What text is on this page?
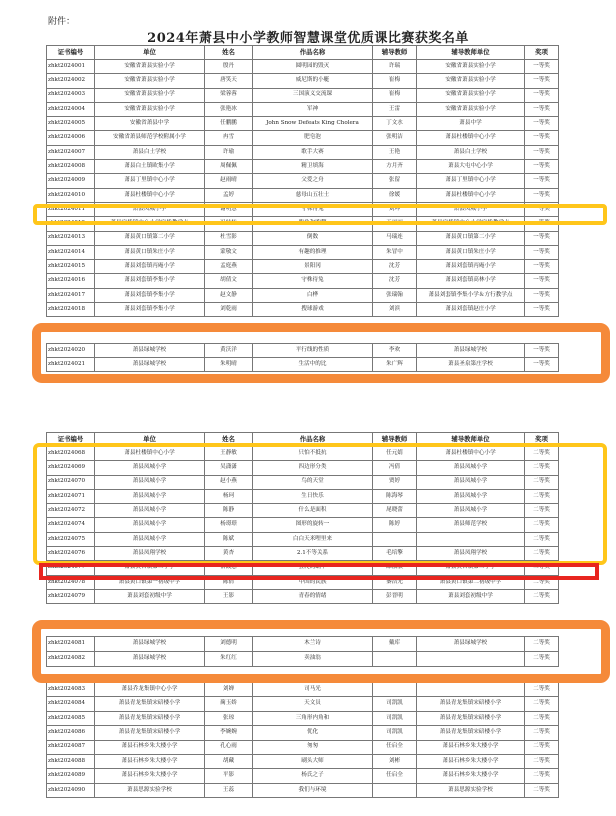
附件：
2024年萧县中小学教师智慧课堂优质课比赛获奖名单
证书编号	单位	姓名	作品名称	辅导教师	辅导教师单位	奖项
zhkt2024001	安徽省萧县实验小学	殷丹	圆明园的毁灭	许瑞	安徽省萧县实验小学	一等奖
zhkt2024002	安徽省萧县实验小学	唐笑天	威尼斯的小艇	崔梅	安徽省萧县实验小学	一等奖
zhkt2024003	安徽省萧县实验小学	梁蓉蓉	三国演义交流课	崔梅	安徽省萧县实验小学	一等奖
zhkt2024004	安徽省萧县实验小学	张艳冰	军神	王雷	安徽省萧县实验小学	一等奖
zhkt2024005	安徽省萧县中学	任鹏鹏	John Snow Defeats King Cholera	丁文水	萧县中学	一等奖
zhkt2024006	安徽省萧县师范学校附属小学	冉雪	肥皂泡	张明洁	萧县杜楼镇中心小学	一等奖
zhkt2024007	萧县白土学校	许瑜	歌手大赛	王艳	萧县白土学校	一等奖
zhkt2024008	萧县白土镇欧集小学	周佩佩	精卫填海	方月齐	萧县大屯中心小学	一等奖
zhkt2024009	萧县丁里镇中心小学	赵雨晴	父爱之舟	张留	萧县丁里镇中心小学	一等奖
zhkt2024010	萧县杜楼镇中心小学	孟婷	慈母山五壮士	徐媛	萧县杜楼镇中心小学	一等奖
zhkt2024011	萧县凤城小学	谢明慧	守株待兔	刘坤	萧县凤城小学	一等奖
zhkt2024012	萧县官桥镇中心小学官桥教学点	冯转转	跑角和跑翻	王丽丽	萧县官桥镇中心小学官桥教学点	一等奖
zhkt2024013	萧县黄口镇第二小学	杜雪影	倒数	马瑞连	萧县黄口镇第二小学	一等奖
zhkt2024014	萧县黄口镇朱庄小学	蒙敬文	有趣的推理	朱冒中	萧县黄口镇朱庄小学	一等奖
zhkt2024015	萧县刘套镇丙庵小学	孟庭燕	景阳冈	沈芳	萧县刘套镇丙庵小学	一等奖
zhkt2024016	萧县刘套镇李集小学	胡倩文	守株待兔	沈芳	萧县刘套镇高林小学	一等奖
zhkt2024017	萧县刘套镇李集小学	赵文静	白桦	张瑞翰	萧县刘套镇李集小学＆方行教学点	一等奖
zhkt2024018	萧县刘套镇李集小学	刘乾雨	搜球游戏	刘滨	萧县刘套镇赵庄小学	一等奖
zhkt2024020	萧县绿城学校	黄沃洋	平行线的性质	李欢	萧县绿城学校	一等奖
zhkt2024021	萧县绿城学校	朱明晴	生活中的比	朱广辉	萧县圣泉第庄学校	一等奖
证书编号	单位	姓名	作品名称	辅导教师	辅导教师单位	奖项
zhkt2024068	萧县杜楼镇中心小学	王静敏	只怕不抵抗	任元婧	萧县杜楼镇中心小学	二等奖
zhkt2024069	萧县凤城小学	吴潇潇	四边形分类	冯倩	萧县凤城小学	二等奖
zhkt2024070	萧县凤城小学	赵小燕	鸟的天堂	贾婷	萧县凤城小学	二等奖
zhkt2024071	萧县凤城小学	杨珂	生日快乐	陈海琴	萧县凤城小学	二等奖
zhkt2024072	萧县凤城小学	陈静	什么是面积	尾晓蕾	萧县凤城小学	二等奖
zhkt2024074	萧县凤城小学	杨璟璟	图形的旋转一	陈婷	萧县师范学校	二等奖
zhkt2024075	萧县凤城小学	陈斌	白白天米哩里来			二等奖
zhkt2024076	萧县凤翔学校	黄杏	2.1不等关系	毛培擎	萧县凤翔学校	二等奖
zhkt2024077	萧县黄口镇第二小学	宿鼓慧	会爬的蜗牛	邮淑敏	萧县黄口镇第二小学	二等奖
zhkt2024078	萧县黄口镇第一初级中学	陈倩	中国的民族	秦浩光	萧县黄口镇第二初级中学	二等奖
zhkt2024079	萧县刘套初级中学	王影	青春的情绪	彭晋明	萧县刘套初级中学	二等奖
zhkt2024081	萧县绿城学校	刘德明	木兰诗	戴库	萧县绿城学校	二等奖
zhkt2024082	萧县绿城学校	朱红红	卖油翁			二等奖
zhkt2024083	萧县乔龙集镇中心小学	刘婵	司马光			二等奖
zhkt2024084	萧县青龙集镇宋碚楼小学	蔺玉娇	天文员	司凯凯	萧县青龙集镇宋碚楼小学	二等奖
zhkt2024085	萧县青龙集镇宋碚楼小学	张琼	三角形内角和	司凯凯	萧县青龙集镇宋碚楼小学	二等奖
zhkt2024086	萧县青龙集镇宋碚楼小学	李婉婉	优化	司凯凯	萧县青龙集镇宋碚楼小学	二等奖
zhkt2024087	萧县石林乡朱大楼小学	孔心雨	匆匆	任启全	萧县石林乡朱大楼小学	二等奖
zhkt2024088	萧县石林乡朱大楼小学	胡藏	刷头大师	刘彬	萧县石林乡朱大楼小学	二等奖
zhkt2024089	萧县石林乡朱大楼小学	平影	杨氏之子	任启全	萧县石林乡朱大楼小学	二等奖
zhkt2024090	萧县思源实验学校	王蕊	我们与环境		萧县思源实验学校	二等奖
